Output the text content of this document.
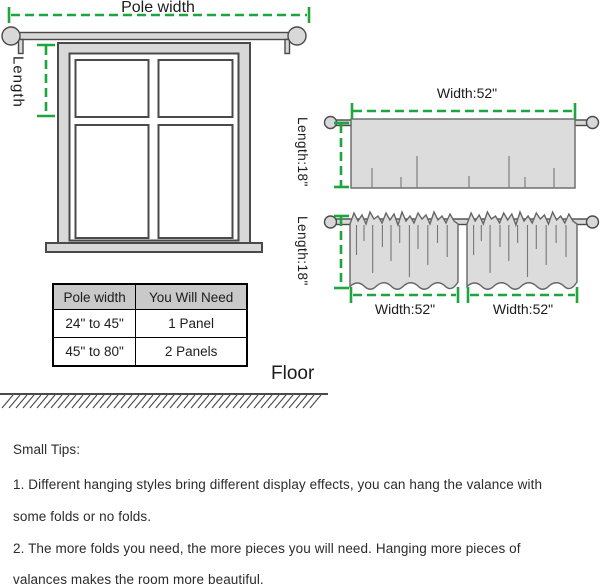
Pole width
Length	Width:52"
Length:18"
Length:18"
Width:52"	Width:52"
Floor
Pole width	You Will Need
24" to 45"	1 Panel
45" to 80"	2 Panels
Small Tips:
1. Different hanging styles bring different display effects, you can hang the valance with
some folds or no folds.
2. The more folds you need, the more pieces you will need. Hanging more pieces of
valances makes the room more beautiful.
